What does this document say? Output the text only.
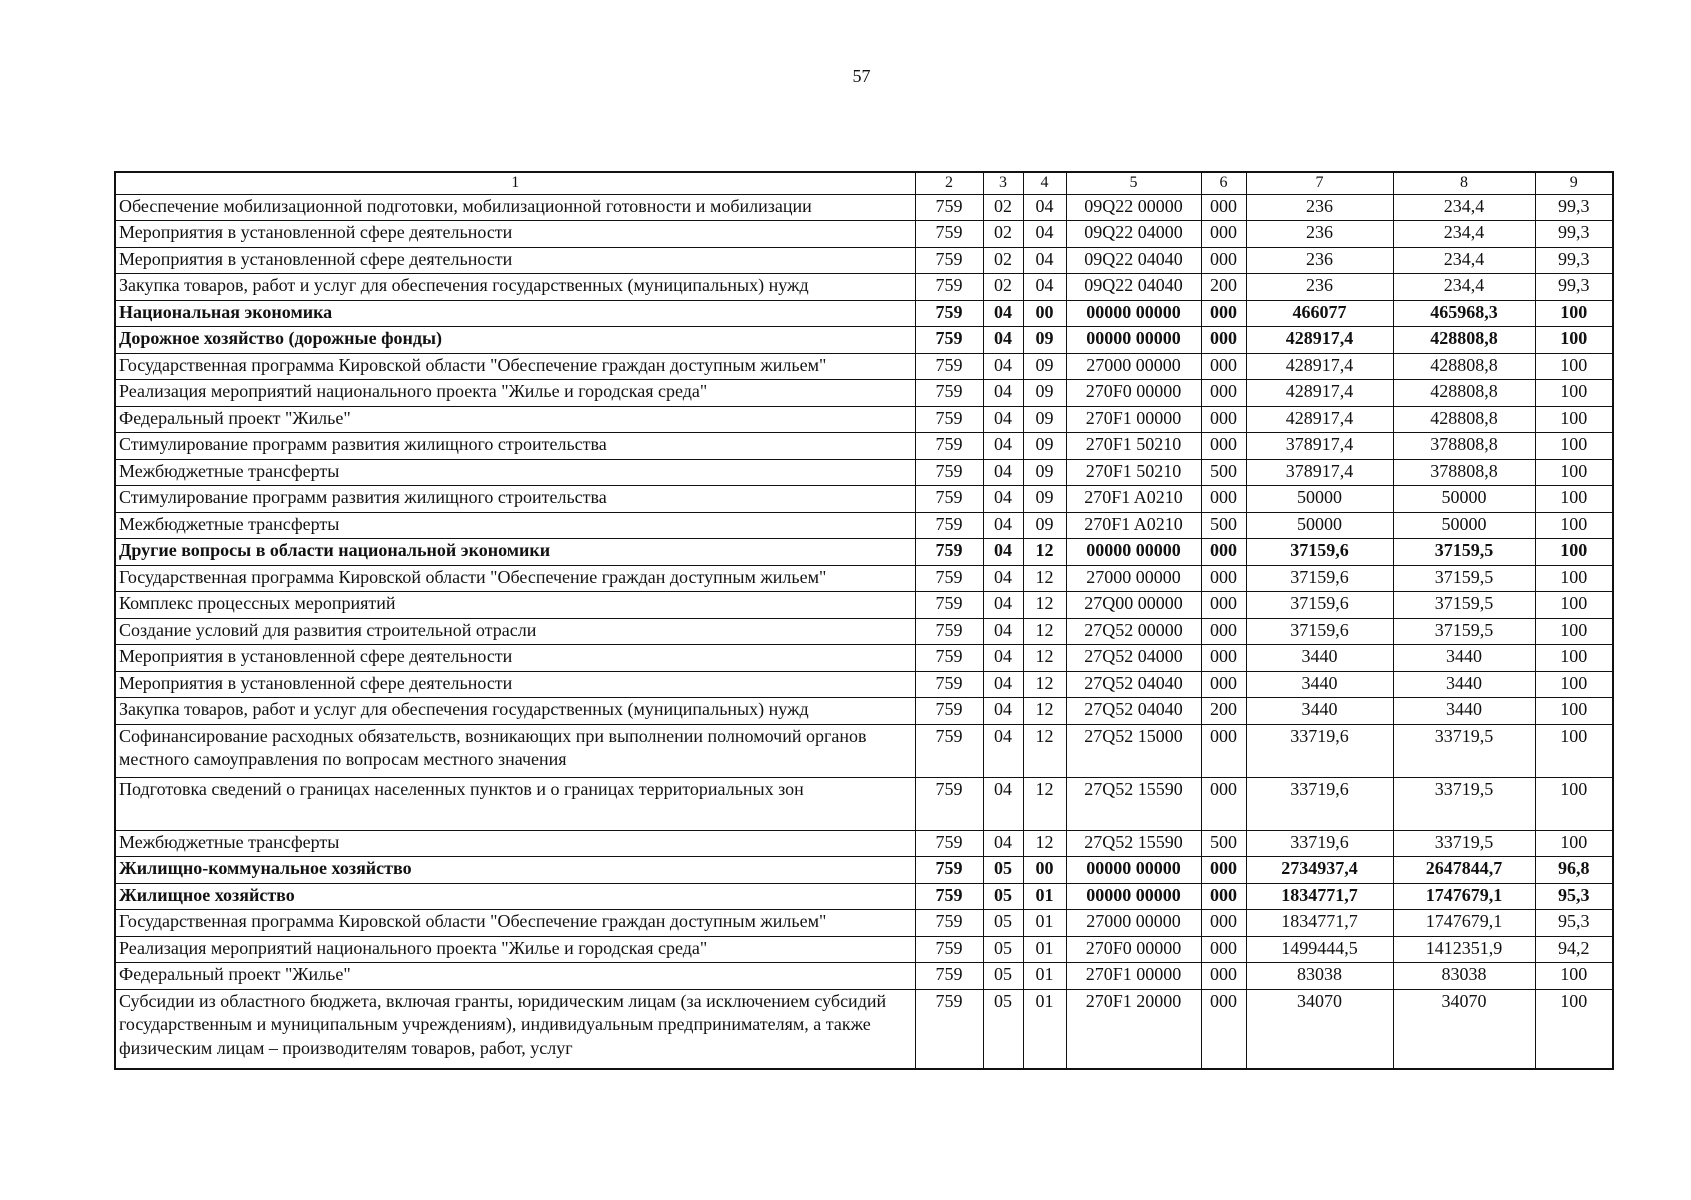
57
1	2	3	4	5	6	7	8	9
Обеспечение мобилизационной подготовки, мобилизационной готовности и мобилизации	759	02	04	09Q22 00000	000	236	234,4	99,3
Мероприятия в установленной сфере деятельности	759	02	04	09Q22 04000	000	236	234,4	99,3
Мероприятия в установленной сфере деятельности	759	02	04	09Q22 04040	000	236	234,4	99,3
Закупка товаров, работ и услуг для обеспечения государственных (муниципальных) нужд	759	02	04	09Q22 04040	200	236	234,4	99,3
Национальная экономика	759	04	00	00000 00000	000	466077	465968,3	100
Дорожное хозяйство (дорожные фонды)	759	04	09	00000 00000	000	428917,4	428808,8	100
Государственная программа Кировской области "Обеспечение граждан доступным жильем"	759	04	09	27000 00000	000	428917,4	428808,8	100
Реализация мероприятий национального проекта "Жилье и городская среда"	759	04	09	270F0 00000	000	428917,4	428808,8	100
Федеральный проект "Жилье"	759	04	09	270F1 00000	000	428917,4	428808,8	100
Стимулирование программ развития жилищного строительства	759	04	09	270F1 50210	000	378917,4	378808,8	100
Межбюджетные трансферты	759	04	09	270F1 50210	500	378917,4	378808,8	100
Стимулирование программ развития жилищного строительства	759	04	09	270F1 A0210	000	50000	50000	100
Межбюджетные трансферты	759	04	09	270F1 A0210	500	50000	50000	100
Другие вопросы в области национальной экономики	759	04	12	00000 00000	000	37159,6	37159,5	100
Государственная программа Кировской области "Обеспечение граждан доступным жильем"	759	04	12	27000 00000	000	37159,6	37159,5	100
Комплекс процессных мероприятий	759	04	12	27Q00 00000	000	37159,6	37159,5	100
Создание условий для развития строительной отрасли	759	04	12	27Q52 00000	000	37159,6	37159,5	100
Мероприятия в установленной сфере деятельности	759	04	12	27Q52 04000	000	3440	3440	100
Мероприятия в установленной сфере деятельности	759	04	12	27Q52 04040	000	3440	3440	100
Закупка товаров, работ и услуг для обеспечения государственных (муниципальных) нужд	759	04	12	27Q52 04040	200	3440	3440	100
Софинансирование расходных обязательств, возникающих при выполнении полномочий органов местного самоуправления по вопросам местного значения	759	04	12	27Q52 15000	000	33719,6	33719,5	100
Подготовка сведений о границах населенных пунктов и о границах территориальных зон	759	04	12	27Q52 15590	000	33719,6	33719,5	100
Межбюджетные трансферты	759	04	12	27Q52 15590	500	33719,6	33719,5	100
Жилищно-коммунальное хозяйство	759	05	00	00000 00000	000	2734937,4	2647844,7	96,8
Жилищное хозяйство	759	05	01	00000 00000	000	1834771,7	1747679,1	95,3
Государственная программа Кировской области "Обеспечение граждан доступным жильем"	759	05	01	27000 00000	000	1834771,7	1747679,1	95,3
Реализация мероприятий национального проекта "Жилье и городская среда"	759	05	01	270F0 00000	000	1499444,5	1412351,9	94,2
Федеральный проект "Жилье"	759	05	01	270F1 00000	000	83038	83038	100
Субсидии из областного бюджета, включая гранты, юридическим лицам (за исключением субсидий государственным и муниципальным учреждениям), индивидуальным предпринимателям, а также физическим лицам – производителям товаров, работ, услуг	759	05	01	270F1 20000	000	34070	34070	100
